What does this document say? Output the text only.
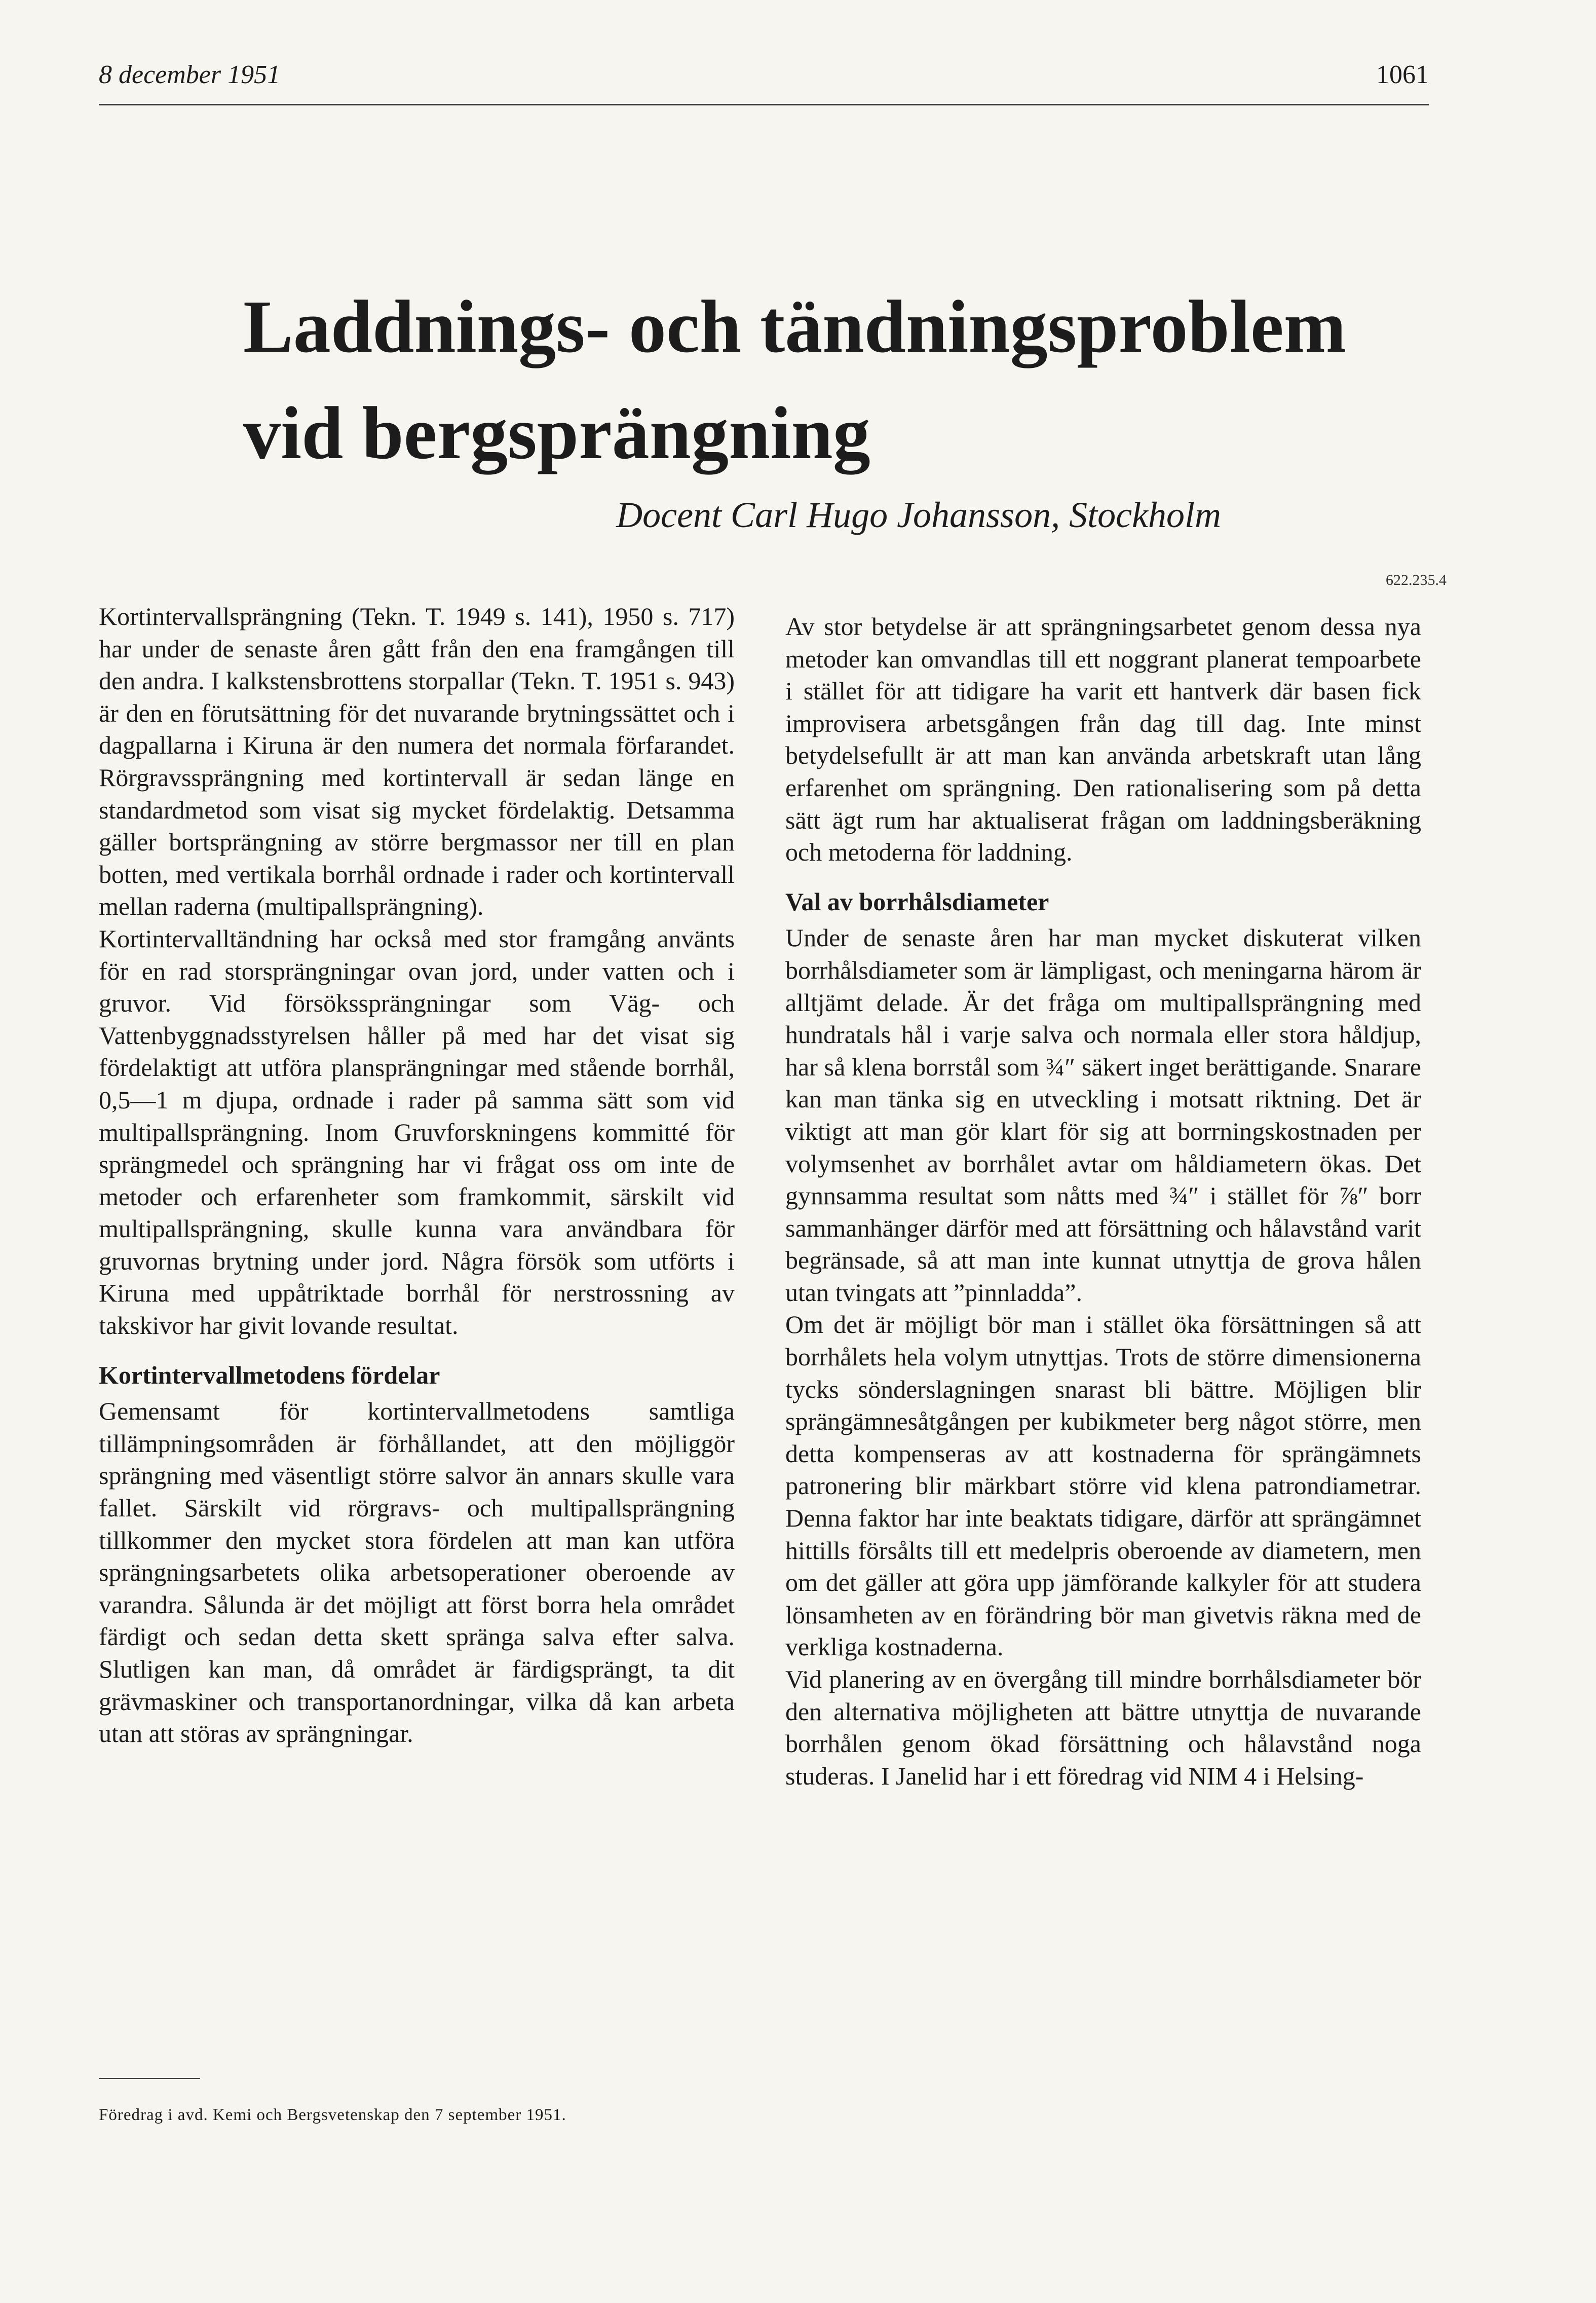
8 december 1951	1061
Laddnings- och tändningsproblem
vid bergsprängning
Docent Carl Hugo Johansson, Stockholm
622.235.4

Kortintervallsprängning (Tekn. T. 1949 s. 141), 1950 s. 717) har under de senaste åren gått från den ena framgången till den andra. I kalkstensbrottens storpallar (Tekn. T. 1951 s. 943) är den en förutsättning för det nuvarande brytningssättet och i dagpallarna i Kiruna är den numera det normala förfarandet. Rörgravssprängning med kortintervall är sedan länge en standardmetod som visat sig mycket fördelaktig. Detsamma gäller bortsprängning av större bergmassor ner till en plan botten, med vertikala borrhål ordnade i rader och kortintervall mellan raderna (multipallsprängning).

Kortintervalltändning har också med stor framgång använts för en rad storsprängningar ovan jord, under vatten och i gruvor. Vid försökssprängningar som Väg- och Vattenbyggnadsstyrelsen håller på med har det visat sig fördelaktigt att utföra plansprängningar med stående borrhål, 0,5—1 m djupa, ordnade i rader på samma sätt som vid multipallsprängning. Inom Gruvforskningens kommitté för sprängmedel och sprängning har vi frågat oss om inte de metoder och erfarenheter som framkommit, särskilt vid multipallsprängning, skulle kunna vara användbara för gruvornas brytning under jord. Några försök som utförts i Kiruna med uppåtriktade borrhål för nerstrossning av takskivor har givit lovande resultat.

Kortintervallmetodens fördelar

Gemensamt för kortintervallmetodens samtliga tillämpningsområden är förhållandet, att den möjliggör sprängning med väsentligt större salvor än annars skulle vara fallet. Särskilt vid rörgravs- och multipallsprängning tillkommer den mycket stora fördelen att man kan utföra sprängningsarbetets olika arbetsoperationer oberoende av varandra. Sålunda är det möjligt att först borra hela området färdigt och sedan detta skett spränga salva efter salva. Slutligen kan man, då området är färdigsprängt, ta dit grävmaskiner och transportanordningar, vilka då kan arbeta utan att störas av sprängningar.

Av stor betydelse är att sprängningsarbetet genom dessa nya metoder kan omvandlas till ett noggrant planerat tempoarbete i stället för att tidigare ha varit ett hantverk där basen fick improvisera arbetsgången från dag till dag. Inte minst betydelsefullt är att man kan använda arbetskraft utan lång erfarenhet om sprängning. Den rationalisering som på detta sätt ägt rum har aktualiserat frågan om laddningsberäkning och metoderna för laddning.

Val av borrhålsdiameter

Under de senaste åren har man mycket diskuterat vilken borrhålsdiameter som är lämpligast, och meningarna härom är alltjämt delade. Är det fråga om multipallsprängning med hundratals hål i varje salva och normala eller stora håldjup, har så klena borrstål som ¾″ säkert inget berättigande. Snarare kan man tänka sig en utveckling i motsatt riktning. Det är viktigt att man gör klart för sig att borrningskostnaden per volymsenhet av borrhålet avtar om håldiametern ökas. Det gynnsamma resultat som nåtts med ¾″ i stället för ⅞″ borr sammanhänger därför med att försättning och hålavstånd varit begränsade, så att man inte kunnat utnyttja de grova hålen utan tvingats att ”pinnladda”.

Om det är möjligt bör man i stället öka försättningen så att borrhålets hela volym utnyttjas. Trots de större dimensionerna tycks sönderslagningen snarast bli bättre. Möjligen blir sprängämnesåtgången per kubikmeter berg något större, men detta kompenseras av att kostnaderna för sprängämnets patronering blir märkbart större vid klena patrondiametrar. Denna faktor har inte beaktats tidigare, därför att sprängämnet hittills försålts till ett medelpris oberoende av diametern, men om det gäller att göra upp jämförande kalkyler för att studera lönsamheten av en förändring bör man givetvis räkna med de verkliga kostnaderna.

Vid planering av en övergång till mindre borrhålsdiameter bör den alternativa möjligheten att bättre utnyttja de nuvarande borrhålen genom ökad försättning och hålavstånd noga studeras. I Janelid har i ett föredrag vid NIM 4 i Helsing-

Föredrag i avd. Kemi och Bergsvetenskap den 7 september 1951.
